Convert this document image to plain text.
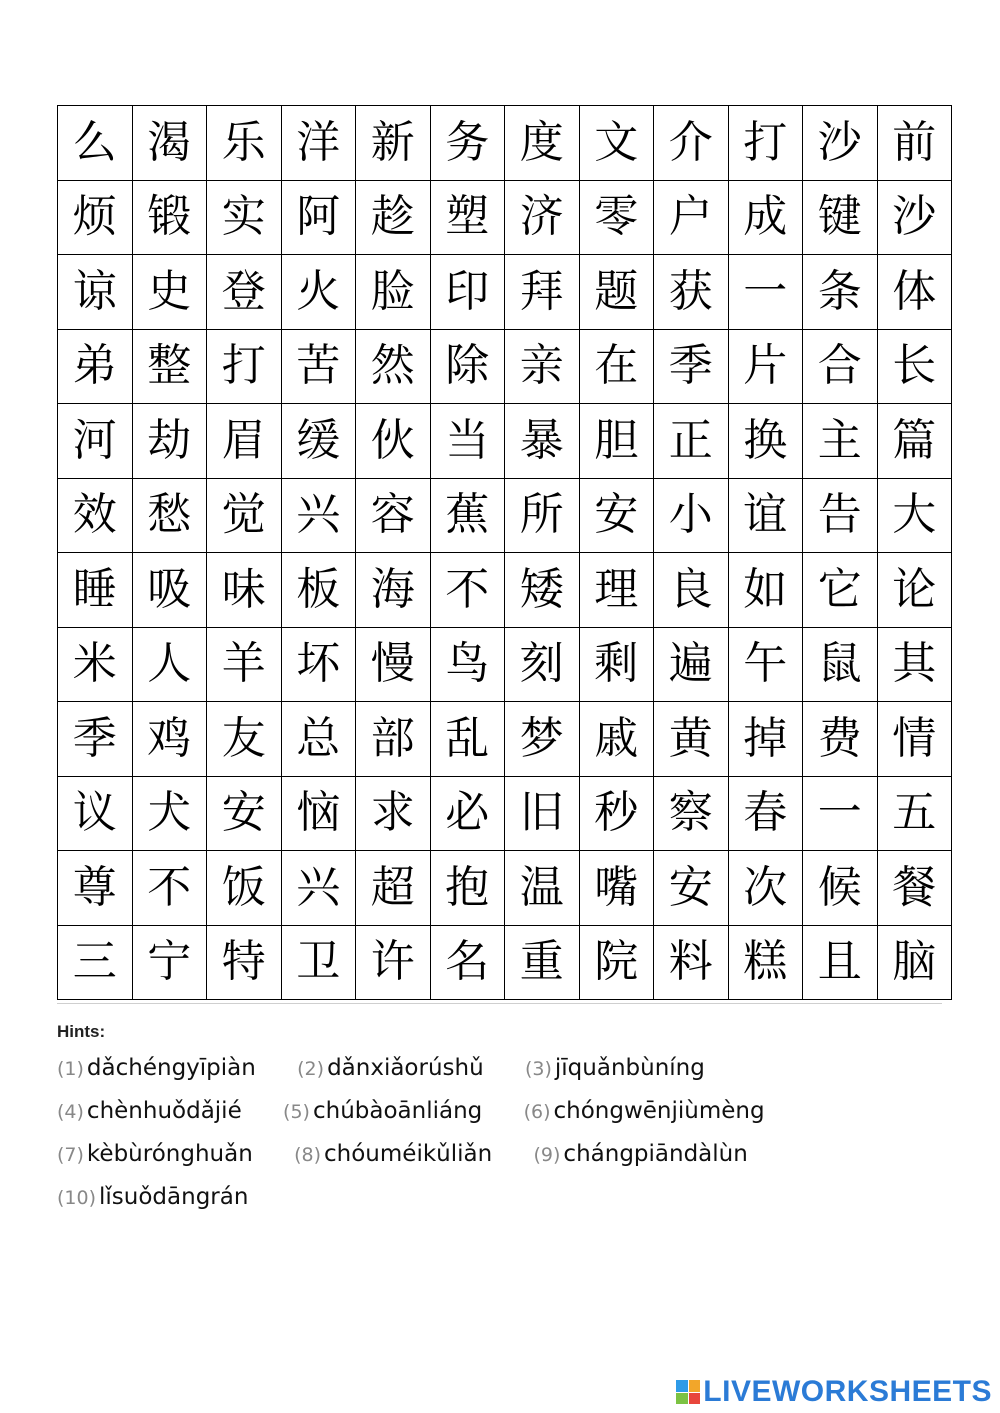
么	渴	乐	洋	新	务	度	文	介	打	沙	前
烦	锻	实	阿	趁	塑	济	零	户	成	键	沙
谅	史	登	火	脸	印	拜	题	获	一	条	体
弟	整	打	苦	然	除	亲	在	季	片	合	长
河	劫	眉	缓	伙	当	暴	胆	正	换	主	篇
效	愁	觉	兴	容	蕉	所	安	小	谊	告	大
睡	吸	味	板	海	不	矮	理	良	如	它	论
米	人	羊	坏	慢	鸟	刻	剩	遍	午	鼠	其
季	鸡	友	总	部	乱	梦	戚	黄	掉	费	情
议	犬	安	恼	求	必	旧	秒	察	春	一	五
尊	不	饭	兴	超	抱	温	嘴	安	次	候	餐
三	宁	特	卫	许	名	重	院	料	糕	且	脑
Hints:
(1) dǎchéngyīpiàn (2) dǎnxiǎorúshǔ (3) jīquǎnbùníng (4) chènhuǒdǎjié (5) chúbàoānliáng (6) chóngwēnjiùmèng (7) kèbùrónghuǎn (8) chóuméikǔliǎn (9) chángpiāndàlùn (10) lǐsuǒdāngrán
LIVEWORKSHEETS
